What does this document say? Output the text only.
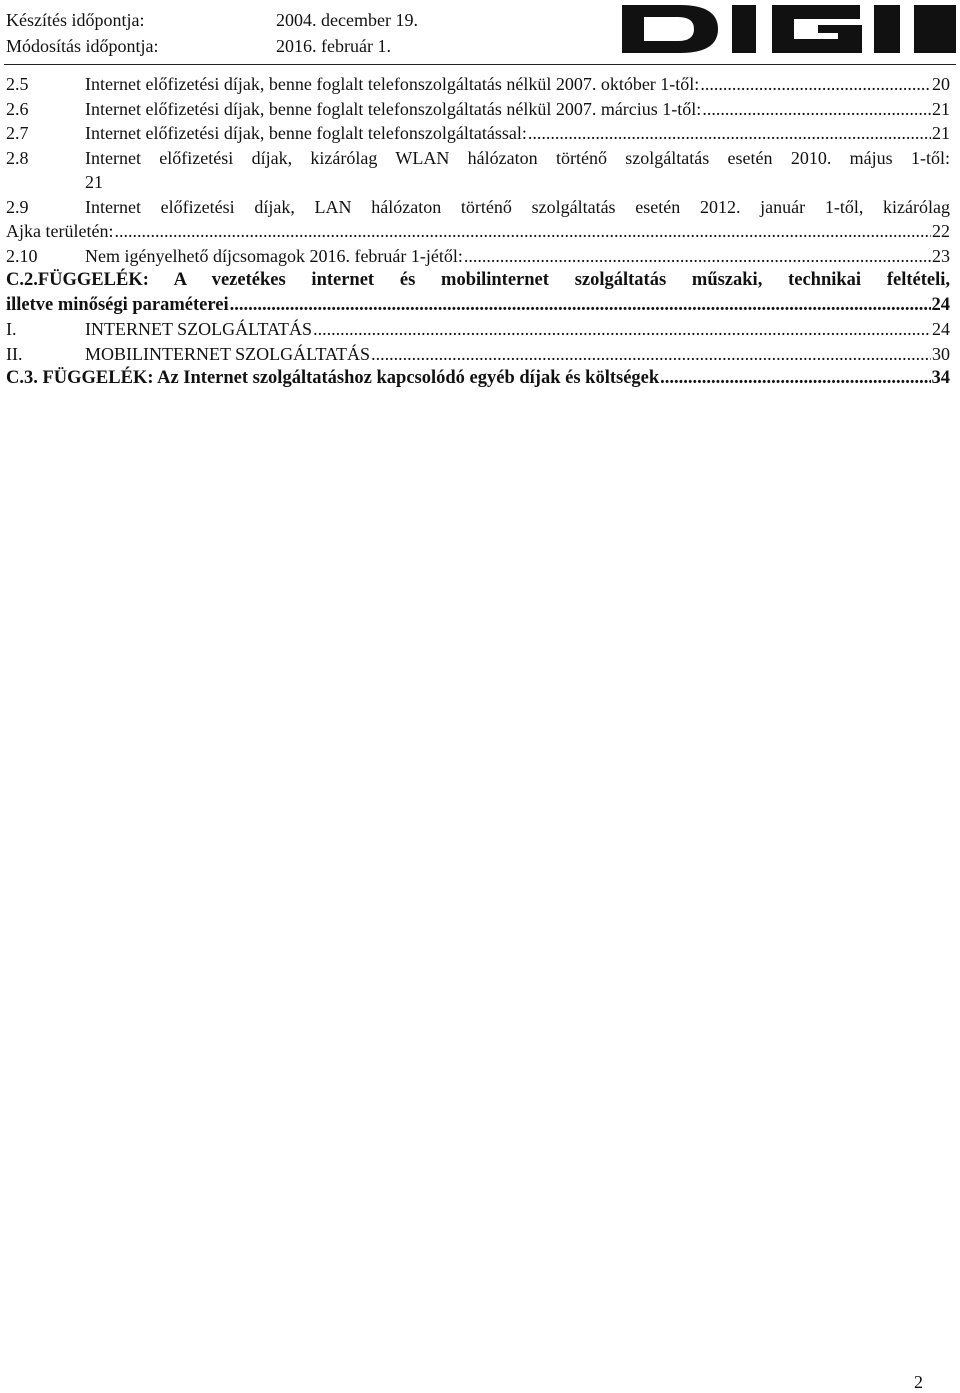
Készítés időpontja:	2004. december 19.
Módosítás időpontja:	2016. február 1.
2.5	Internet előfizetési díjak, benne foglalt telefonszolgáltatás nélkül 2007. október 1-től: .....	20
2.6	Internet előfizetési díjak, benne foglalt telefonszolgáltatás nélkül 2007. március 1-től: .....	21
2.7	Internet előfizetési díjak, benne foglalt telefonszolgáltatással: .....	21
2.8	Internet előfizetési díjak, kizárólag WLAN hálózaton történő szolgáltatás esetén 2010. május 1-től:
21
2.9	Internet előfizetési díjak, LAN hálózaton történő szolgáltatás esetén 2012. január 1-től, kizárólag
Ajka területén: .....	22
2.10	Nem igényelhető díjcsomagok 2016. február 1-jétől: .....	23
C.2.FÜGGELÉK: A vezetékes internet és mobilinternet szolgáltatás műszaki, technikai feltételi,
illetve minőségi paraméterei .....	24
I.	INTERNET SZOLGÁLTATÁS .....	24
II.	MOBILINTERNET SZOLGÁLTATÁS .....	30
C.3. FÜGGELÉK: Az Internet szolgáltatáshoz kapcsolódó egyéb díjak és költségek .....	34
2
